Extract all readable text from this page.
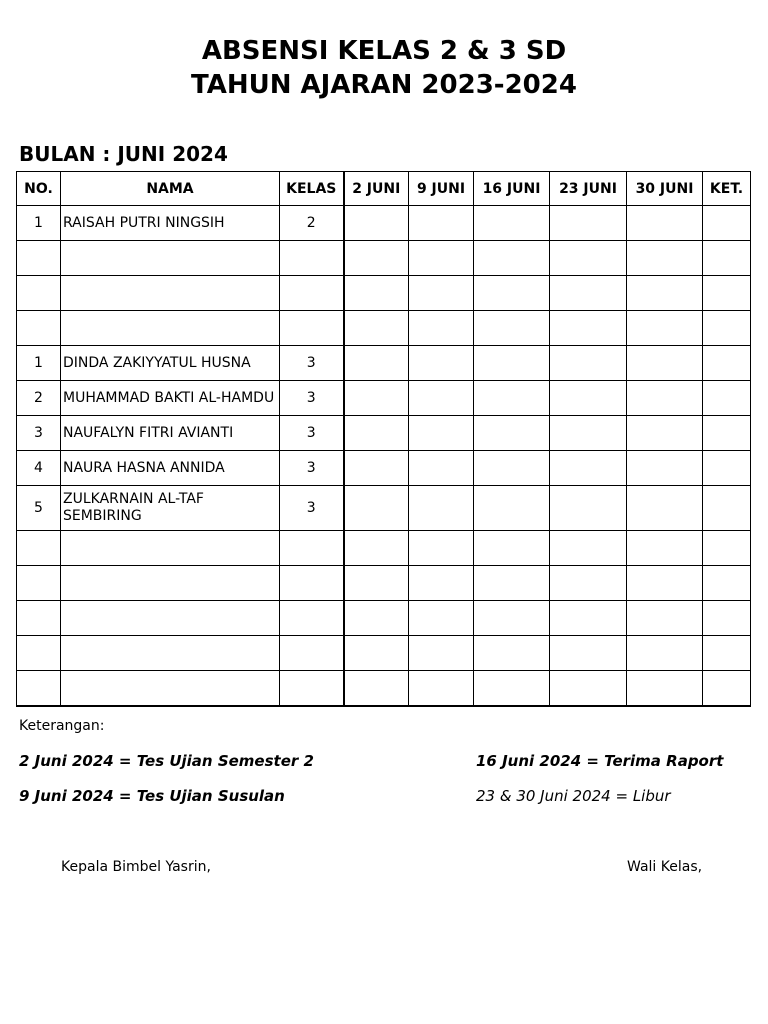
ABSENSI KELAS 2 & 3 SD
TAHUN AJARAN 2023-2024
BULAN : JUNI 2024
NO.	NAMA	KELAS	2 JUNI	9 JUNI	16 JUNI	23 JUNI	30 JUNI	KET.
1	RAISAH PUTRI NINGSIH	2						

1	DINDA ZAKIYYATUL HUSNA	3						
2	MUHAMMAD BAKTI AL-HAMDU	3						
3	NAUFALYN FITRI AVIANTI	3						
4	NAURA HASNA ANNIDA	3						
5	ZULKARNAIN AL-TAF SEMBIRING	3						

Keterangan:
2 Juni 2024 = Tes Ujian Semester 2
9 Juni 2024 = Tes Ujian Susulan
16 Juni 2024 = Terima Raport
23 & 30 Juni 2024 = Libur
Kepala Bimbel Yasrin,	Wali Kelas,
